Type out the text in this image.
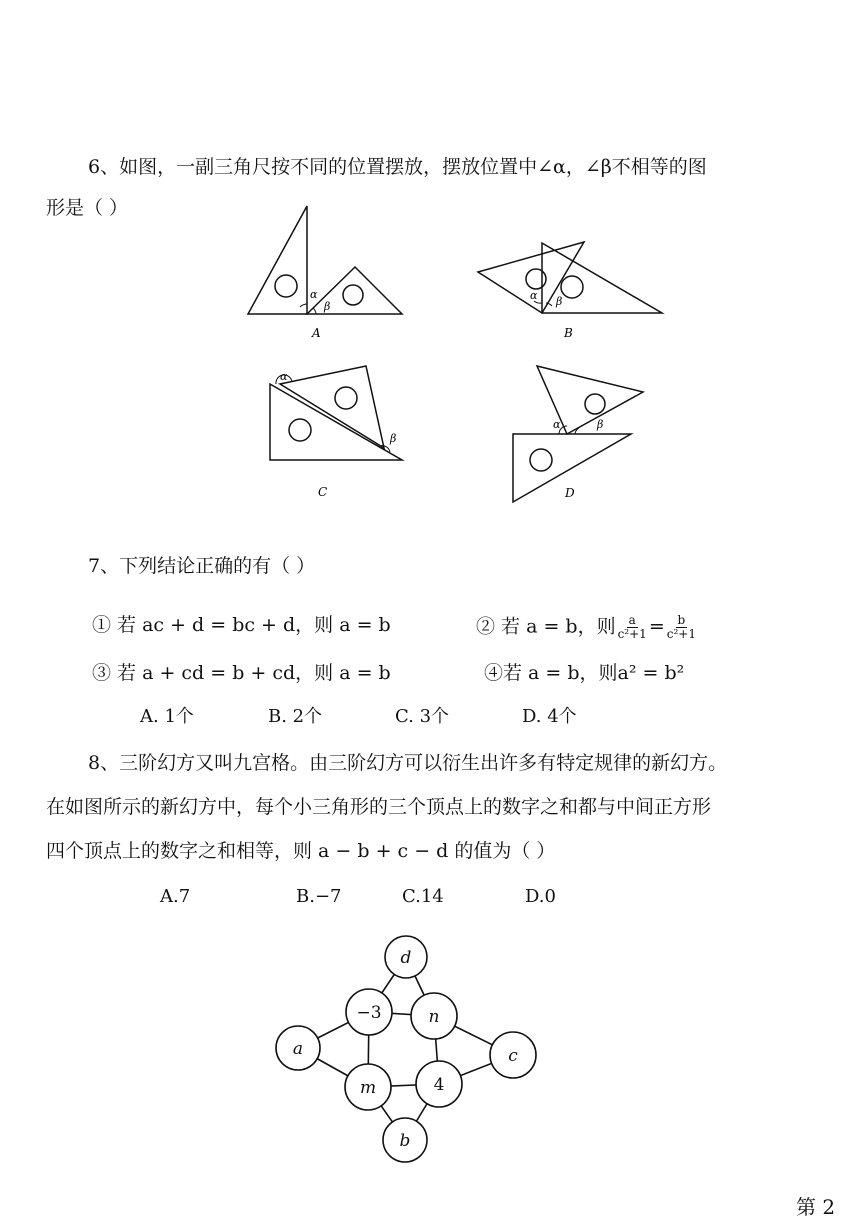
6、如图，一副三角尺按不同的位置摆放，摆放位置中∠α，∠β不相等的图
形是（ ）
α
β
A
α β
B
α
β
C
α	β
D
7、下列结论正确的有（ ）
① 若 ac + d = bc + d，则 a = b	② 若 a = b，则 $\frac{a}{\text{c²+1}} = \frac{b}{\text{c²+1}}$
③ 若 a + cd = b + cd，则 a = b	④若 a = b，则a² = b²
A. 1个	B. 2个	C. 3个	D. 4个
8、三阶幻方又叫九宫格。由三阶幻方可以衍生出许多有特定规律的新幻方。
在如图所示的新幻方中，每个小三角形的三个顶点上的数字之和都与中间正方形
四个顶点上的数字之和相等，则 a − b + c − d 的值为（ ）
A.7	B.−7	C.14	D.0
d
−3	n
a	c
m	4
b
第 2
